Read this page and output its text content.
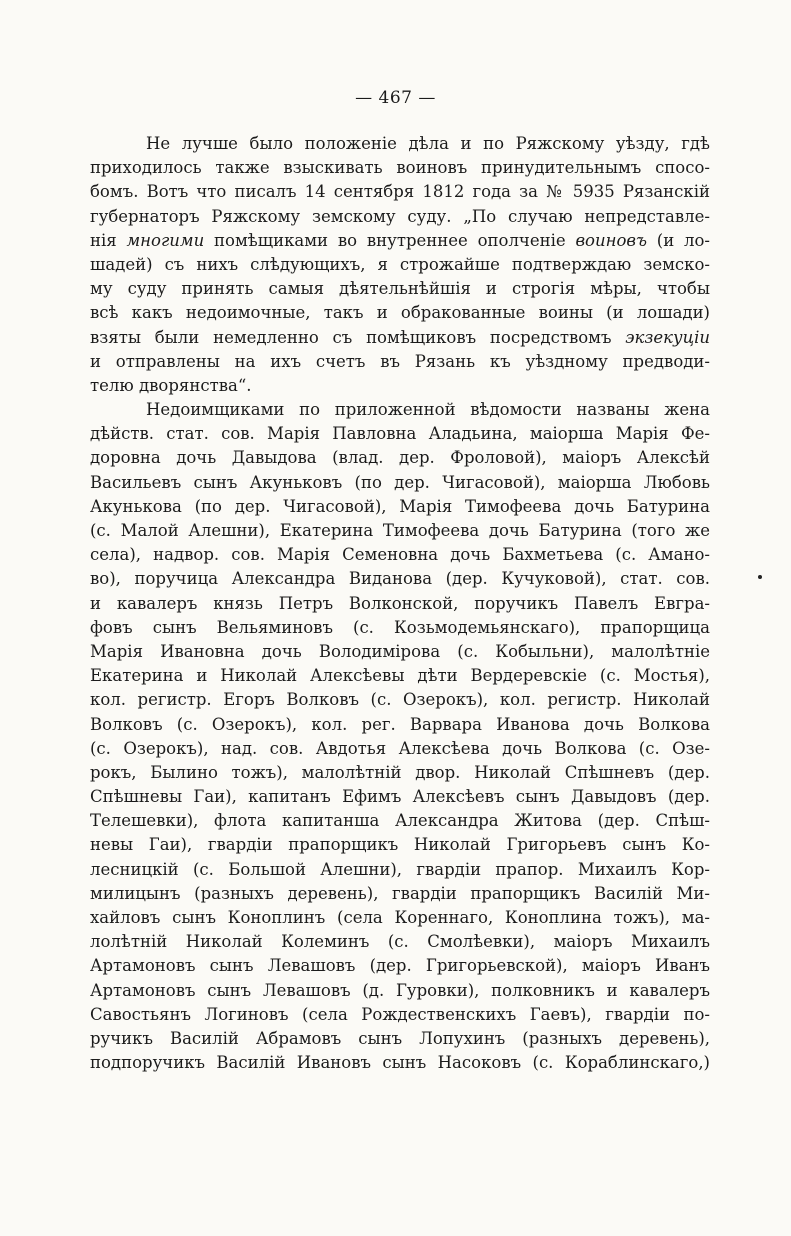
— 467 —
Не лучше было положеніе дѣла и по Ряжскому уѣзду, гдѣ
приходилось также взыскивать воиновъ принудительнымъ спосо-
бомъ. Вотъ что писалъ 14 сентября 1812 года за № 5935 Рязанскій
губернаторъ Ряжскому земскому суду. „По случаю непредставле-
нія многими помѣщиками во внутреннее ополченіе воиновъ (и ло-
шадей) съ нихъ слѣдующихъ, я строжайше подтверждаю земско-
му суду принять самыя дѣятельнѣйшія и строгія мѣры, чтобы
всѣ какъ недоимочные, такъ и обракованные воины (и лошади)
взяты были немедленно съ помѣщиковъ посредствомъ экзекуціи
и отправлены на ихъ счетъ въ Рязань къ уѣздному предводи-
телю дворянства“.
Недоимщиками по приложенной вѣдомости названы жена
дѣйств. стат. сов. Марія Павловна Аладьина, маіорша Марія Фе-
доровна дочь Давыдова (влад. дер. Фроловой), маіоръ Алексѣй
Васильевъ сынъ Акуньковъ (по дер. Чигасовой), маіорша Любовь
Акунькова (по дер. Чигасовой), Марія Тимофеева дочь Батурина
(с. Малой Алешни), Екатерина Тимофеева дочь Батурина (того же
села), надвор. сов. Марія Семеновна дочь Бахметьева (с. Амано-
во), поручица Александра Виданова (дер. Кучуковой), стат. сов.
и кавалеръ князь Петръ Волконской, поручикъ Павелъ Евгра-
фовъ сынъ Вельяминовъ (с. Козьмодемьянскаго), прапорщица
Марія Ивановна дочь Володимірова (с. Кобыльни), малолѣтніе
Екатерина и Николай Алексѣевы дѣти Вердеревскіе (с. Мостья),
кол. регистр. Егоръ Волковъ (с. Озерокъ), кол. регистр. Николай
Волковъ (с. Озерокъ), кол. рег. Варвара Иванова дочь Волкова
(с. Озерокъ), над. сов. Авдотья Алексѣева дочь Волкова (с. Озе-
рокъ, Былино тожъ), малолѣтній двор. Николай Спѣшневъ (дер.
Спѣшневы Гаи), капитанъ Ефимъ Алексѣевъ сынъ Давыдовъ (дер.
Телешевки), флота капитанша Александра Житова (дер. Спѣш-
невы Гаи), гвардіи прапорщикъ Николай Григорьевъ сынъ Ко-
лесницкій (с. Большой Алешни), гвардіи прапор. Михаилъ Кор-
милицынъ (разныхъ деревень), гвардіи прапорщикъ Василій Ми-
хайловъ сынъ Коноплинъ (села Кореннаго, Коноплина тожъ), ма-
лолѣтній Николай Колеминъ (с. Смолѣевки), маіоръ Михаилъ
Артамоновъ сынъ Левашовъ (дер. Григорьевской), маіоръ Иванъ
Артамоновъ сынъ Левашовъ (д. Гуровки), полковникъ и кавалеръ
Савостьянъ Логиновъ (села Рождественскихъ Гаевъ), гвардіи по-
ручикъ Василій Абрамовъ сынъ Лопухинъ (разныхъ деревень),
подпоручикъ Василій Ивановъ сынъ Насоковъ (с. Кораблинскаго,)
